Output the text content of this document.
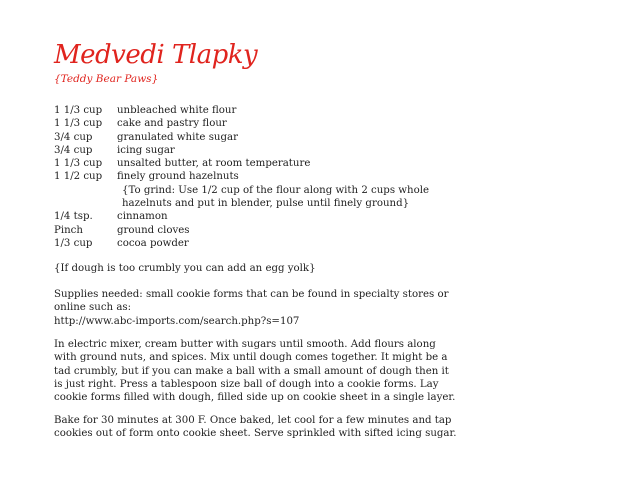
Medvedi Tlapky
{Teddy Bear Paws}
1 1/3 cup	unbleached white flour
1 1/3 cup	cake and pastry flour
3/4 cup	granulated white sugar
3/4 cup	icing sugar
1 1/3 cup	unsalted butter, at room temperature
1 1/2 cup	finely ground hazelnuts
{To grind: Use 1/2 cup of the flour along with 2 cups whole
hazelnuts and put in blender, pulse until finely ground}
1/4 tsp.	cinnamon
Pinch	ground cloves
1/3 cup	cocoa powder
{If dough is too crumbly you can add an egg yolk}
Supplies needed: small cookie forms that can be found in specialty stores or
online such as:
http://www.abc-imports.com/search.php?s=107
In electric mixer, cream butter with sugars until smooth. Add flours along
with ground nuts, and spices. Mix until dough comes together. It might be a
tad crumbly, but if you can make a ball with a small amount of dough then it
is just right. Press a tablespoon size ball of dough into a cookie forms. Lay
cookie forms filled with dough, filled side up on cookie sheet in a single layer.
Bake for 30 minutes at 300 F. Once baked, let cool for a few minutes and tap
cookies out of form onto cookie sheet. Serve sprinkled with sifted icing sugar.
